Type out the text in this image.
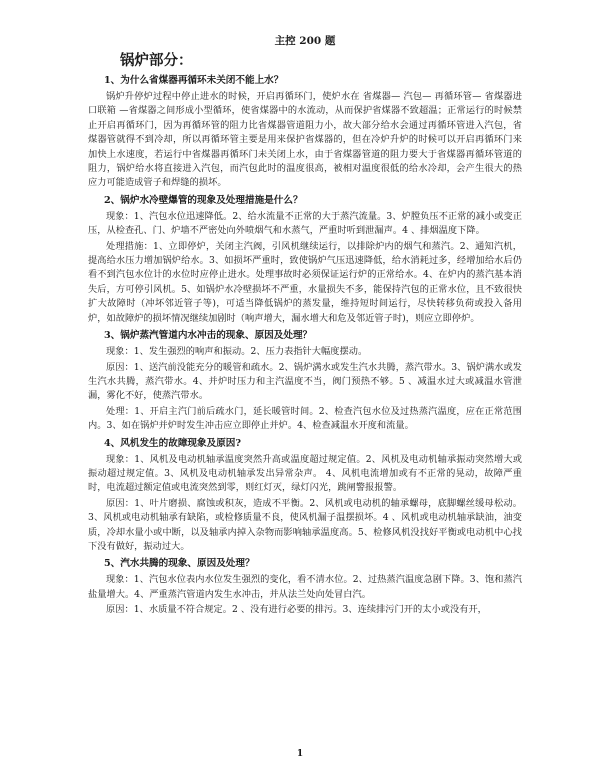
主控 200 题
锅炉部分：
1、为什么省煤器再循环未关闭不能上水？

锅炉升停炉过程中停止进水的时候，开启再循环门，使炉水在 省煤器— 汽包— 再循环管— 省煤器进口联箱 —省煤器之间形成小型循环，使省煤器中的水流动，从而保护省煤器不致超温；正常运行的时候禁止开启再循环门，因为再循环管的阻力比省煤器管道阻力小，故大部分给水会通过再循环管进入汽包，省煤器管就得不到冷却，所以再循环管主要是用来保护省煤器的，但在冷炉升炉的时候可以开启再循环门来加快上水速度，若运行中省煤器再循环门未关闭上水，由于省煤器管道的阻力要大于省煤器再循环管道的阻力，锅炉给水将直接进入汽包，而汽包此时的温度很高，被相对温度很低的给水冷却，会产生很大的热应力可能造成管子和焊缝的损坏。

2、锅炉水冷壁爆管的现象及处理措施是什么？

现象：1、汽包水位迅速降低。2、给水流量不正常的大于蒸汽流量。3、炉膛负压不正常的减小或变正压，从检查孔、门、炉墙不严密处向外喷烟气和水蒸气，严重时听到泄漏声。4 、排烟温度下降。

处理措施：1、立即停炉，关闭主汽阀，引风机继续运行，以排除炉内的烟气和蒸汽。2、通知汽机，提高给水压力增加锅炉给水。3、如损坏严重时，致使锅炉气压迅速降低，给水消耗过多，经增加给水后仍看不到汽包水位计的水位时应停止进水。处理事故时必须保证运行炉的正常给水。4、在炉内的蒸汽基本消失后，方可停引风机。5、如锅炉水冷壁损坏不严重，水量损失不多，能保持汽包的正常水位，且不致很快扩大故障时（冲坏邻近管子等)，可适当降低锅炉的蒸发量，维持短时间运行，尽快转移负荷或投入备用炉，如故障炉的损坏情况继续加剧时（响声增大，漏水增大和危及邻近管子时)，则应立即停炉。

3、锅炉蒸汽管道内水冲击的现象、原因及处理？

现象：1、发生强烈的响声和振动。2、压力表指针大幅度摆动。

原因：1、送汽前没能充分的暖管和疏水。2、锅炉满水或发生汽水共腾，蒸汽带水。3、锅炉满水或发生汽水共腾，蒸汽带水。4、并炉时压力和主汽温度不当，阀门预热不够。5 、减温水过大或减温水管泄漏，雾化不好，使蒸汽带水。

处理：1、开启主汽门前后疏水门，延长暖管时间。2、检查汽包水位及过热蒸汽温度，应在正常范围内。3、如在锅炉并炉时发生冲击应立即停止并炉。4、检查减温水开度和流量。

4、风机发生的故障现象及原因?

现象：1、风机及电动机轴承温度突然升高或温度超过规定值。2、风机及电动机轴承振动突然增大或振动超过规定值。3、风机及电动机轴承发出异常杂声。 4、风机电流增加或有不正常的晃动，故障严重时，电流超过额定值或电流突然到零，则红灯灭，绿灯闪光，跳闸警报报警。

原因：1、叶片磨损、腐蚀或积灰，造成不平衡。2、风机或电动机的轴承螺母，底脚螺丝缓母松动。3、风机或电动机轴承有缺陷，或检修质量不良，使风机漏子温摆损坏。4 、风机或电动机轴承缺油，油变质，冷却水量小或中断，以及轴承内掉入杂物而影响轴承温度高。5、检修风机没找好平衡或电动机中心找下没有做好，振动过大。

5、汽水共腾的现象、原因及处理？

现象：1、汽包水位表内水位发生强烈的变化，看不清水位。2、过热蒸汽温度急剧下降。3、饱和蒸汽盐量增大。4、严重蒸汽管道内发生水冲击，并从法兰处向处冒白汽。

原因：1、水质量不符合规定。2 、没有进行必要的排污。3、连续排污门开的太小或没有开，

1
